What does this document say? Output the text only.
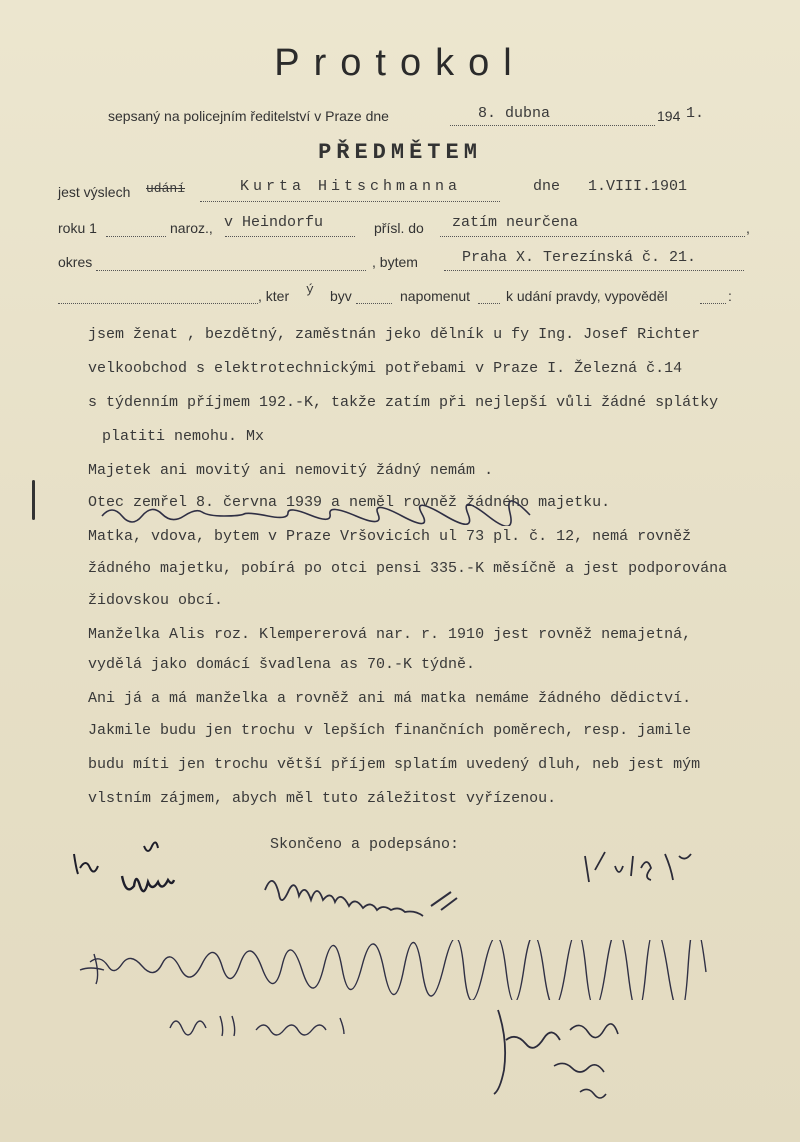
Protokol
sepsaný na policejním ředitelství v Praze dne	8. dubna	194 1.
PŘEDMĚTEM
jest výslech udání	Kurta Hitschmanna	dne 1.VIII.1901
roku 1	naroz., v Heindorfu	přísl. do zatím neurčena	,
okres	, bytem	Praha X. Terezínská č. 21.
, kter ý byv	napomenut	k udání pravdy, vypověděl	:
jsem ženat , bezdětný, zaměstnán jeko dělník u fy Ing. Josef Richter
velkoobchod s elektrotechnickými potřebami v Praze I. Železná č.14
s týdenním příjmem 192.-K, takže zatím při nejlepší vůli žádné splátky
platiti nemohu. Mx
Majetek ani movitý ani nemovitý žádný nemám .
Otec zemřel 8. června 1939 a neměl rovněž žádného majetku.
Matka, vdova, bytem v Praze Vršovicích ul 73 pl. č. 12, nemá rovněž
žádného majetku, pobírá po otci pensi 335.-K měsíčně a jest podporována
židovskou obcí.
Manželka Alis roz. Klempererová nar. r. 1910 jest rovněž nemajetná,
vydělá jako domácí švadlena as 70.-K týdně.
Ani já a má manželka a rovněž ani má matka nemáme žádného dědictví.
Jakmile budu jen trochu v lepších finančních poměrech, resp. jamile
budu míti jen trochu větší příjem splatím uvedený dluh, neb jest mým
vlstním zájmem, abych měl tuto záležitost vyřízenou.
Skončeno a podepsáno:
